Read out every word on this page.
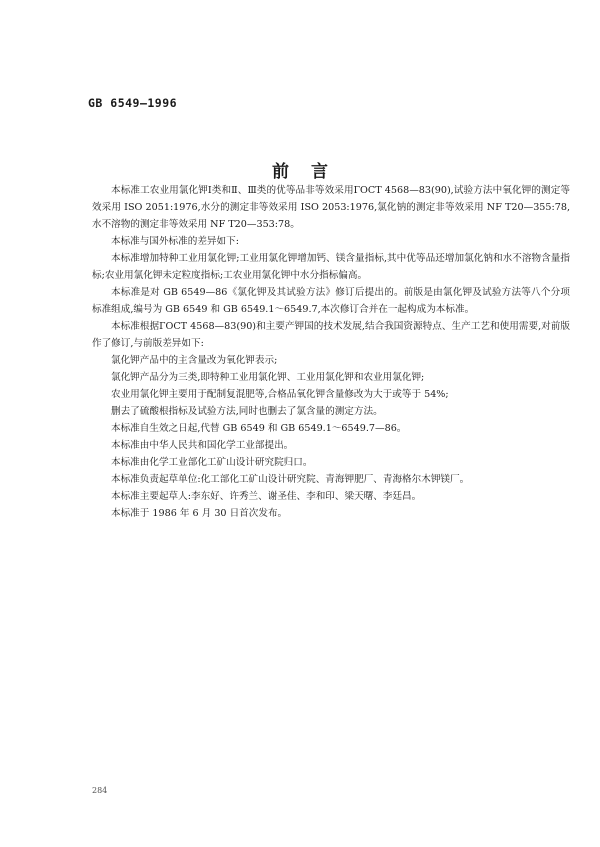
GB 6549—1996
前言

本标准工农业用氯化钾Ⅰ类和Ⅱ、Ⅲ类的优等品非等效采用ГОСТ 4568—83(90),试验方法中氧化钾的测定等效采用 ISO 2051:1976,水分的测定非等效采用 ISO 2053:1976,氯化钠的测定非等效采用 NF T20—355:78,水不溶物的测定非等效采用 NF T20—353:78。

本标准与国外标准的差异如下:

本标准增加特种工业用氯化钾;工业用氯化钾增加钙、镁含量指标,其中优等品还增加氯化钠和水不溶物含量指标;农业用氯化钾未定粒度指标;工农业用氯化钾中水分指标偏高。

本标准是对 GB 6549—86《氯化钾及其试验方法》修订后提出的。前版是由氯化钾及试验方法等八个分项标准组成,编号为 GB 6549 和 GB 6549.1～6549.7,本次修订合并在一起构成为本标准。

本标准根据ГОСТ 4568—83(90)和主要产钾国的技术发展,结合我国资源特点、生产工艺和使用需要,对前版作了修订,与前版差异如下:

氯化钾产品中的主含量改为氧化钾表示;

氯化钾产品分为三类,即特种工业用氯化钾、工业用氯化钾和农业用氯化钾;

农业用氯化钾主要用于配制复混肥等,合格品氧化钾含量修改为大于或等于 54%;

删去了硫酸根指标及试验方法,同时也删去了氯含量的测定方法。

本标准自生效之日起,代替 GB 6549 和 GB 6549.1～6549.7—86。

本标准由中华人民共和国化学工业部提出。

本标准由化学工业部化工矿山设计研究院归口。

本标准负责起草单位:化工部化工矿山设计研究院、青海钾肥厂、青海格尔木钾镁厂。

本标准主要起草人:李东好、许秀兰、谢圣佳、李和印、梁天曙、李廷昌。

本标准于 1986 年 6 月 30 日首次发布。

284
